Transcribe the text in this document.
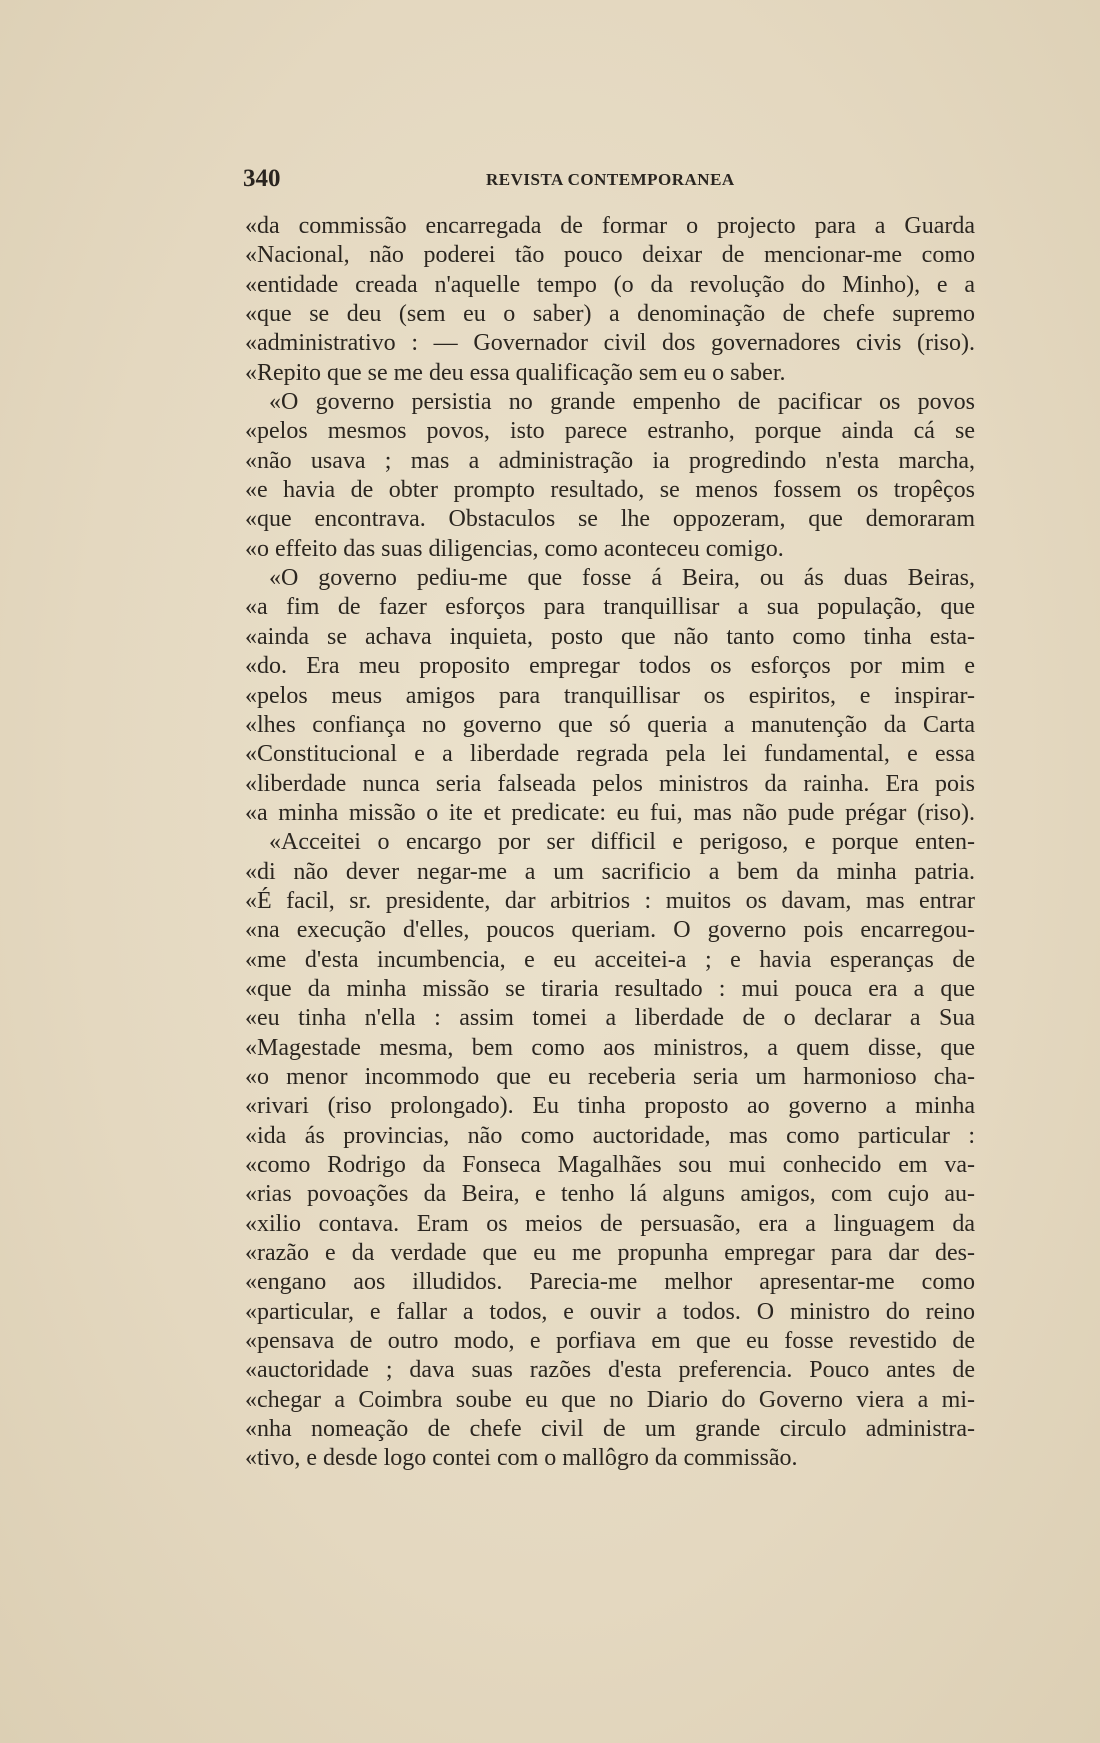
340	REVISTA CONTEMPORANEA
«da commissão encarregada de formar o projecto para a Guarda
«Nacional, não poderei tão pouco deixar de mencionar-me como
«entidade creada n'aquelle tempo (o da revolução do Minho), e a
«que se deu (sem eu o saber) a denominação de chefe supremo
«administrativo : — Governador civil dos governadores civis (riso).
«Repito que se me deu essa qualificação sem eu o saber.
«O governo persistia no grande empenho de pacificar os povos
«pelos mesmos povos, isto parece estranho, porque ainda cá se
«não usava ; mas a administração ia progredindo n'esta marcha,
«e havia de obter prompto resultado, se menos fossem os tropêços
«que encontrava. Obstaculos se lhe oppozeram, que demoraram
«o effeito das suas diligencias, como aconteceu comigo.
«O governo pediu-me que fosse á Beira, ou ás duas Beiras,
«a fim de fazer esforços para tranquillisar a sua população, que
«ainda se achava inquieta, posto que não tanto como tinha esta-
«do. Era meu proposito empregar todos os esforços por mim e
«pelos meus amigos para tranquillisar os espiritos, e inspirar-
«lhes confiança no governo que só queria a manutenção da Carta
«Constitucional e a liberdade regrada pela lei fundamental, e essa
«liberdade nunca seria falseada pelos ministros da rainha. Era pois
«a minha missão o ite et predicate: eu fui, mas não pude prégar (riso).
«Acceitei o encargo por ser difficil e perigoso, e porque enten-
«di não dever negar-me a um sacrificio a bem da minha patria.
«É facil, sr. presidente, dar arbitrios : muitos os davam, mas entrar
«na execução d'elles, poucos queriam. O governo pois encarregou-
«me d'esta incumbencia, e eu acceitei-a ; e havia esperanças de
«que da minha missão se tiraria resultado : mui pouca era a que
«eu tinha n'ella : assim tomei a liberdade de o declarar a Sua
«Magestade mesma, bem como aos ministros, a quem disse, que
«o menor incommodo que eu receberia seria um harmonioso cha-
«rivari (riso prolongado). Eu tinha proposto ao governo a minha
«ida ás provincias, não como auctoridade, mas como particular :
«como Rodrigo da Fonseca Magalhães sou mui conhecido em va-
«rias povoações da Beira, e tenho lá alguns amigos, com cujo au-
«xilio contava. Eram os meios de persuasão, era a linguagem da
«razão e da verdade que eu me propunha empregar para dar des-
«engano aos illudidos. Parecia-me melhor apresentar-me como
«particular, e fallar a todos, e ouvir a todos. O ministro do reino
«pensava de outro modo, e porfiava em que eu fosse revestido de
«auctoridade ; dava suas razões d'esta preferencia. Pouco antes de
«chegar a Coimbra soube eu que no Diario do Governo viera a mi-
«nha nomeação de chefe civil de um grande circulo administra-
«tivo, e desde logo contei com o mallôgro da commissão.
